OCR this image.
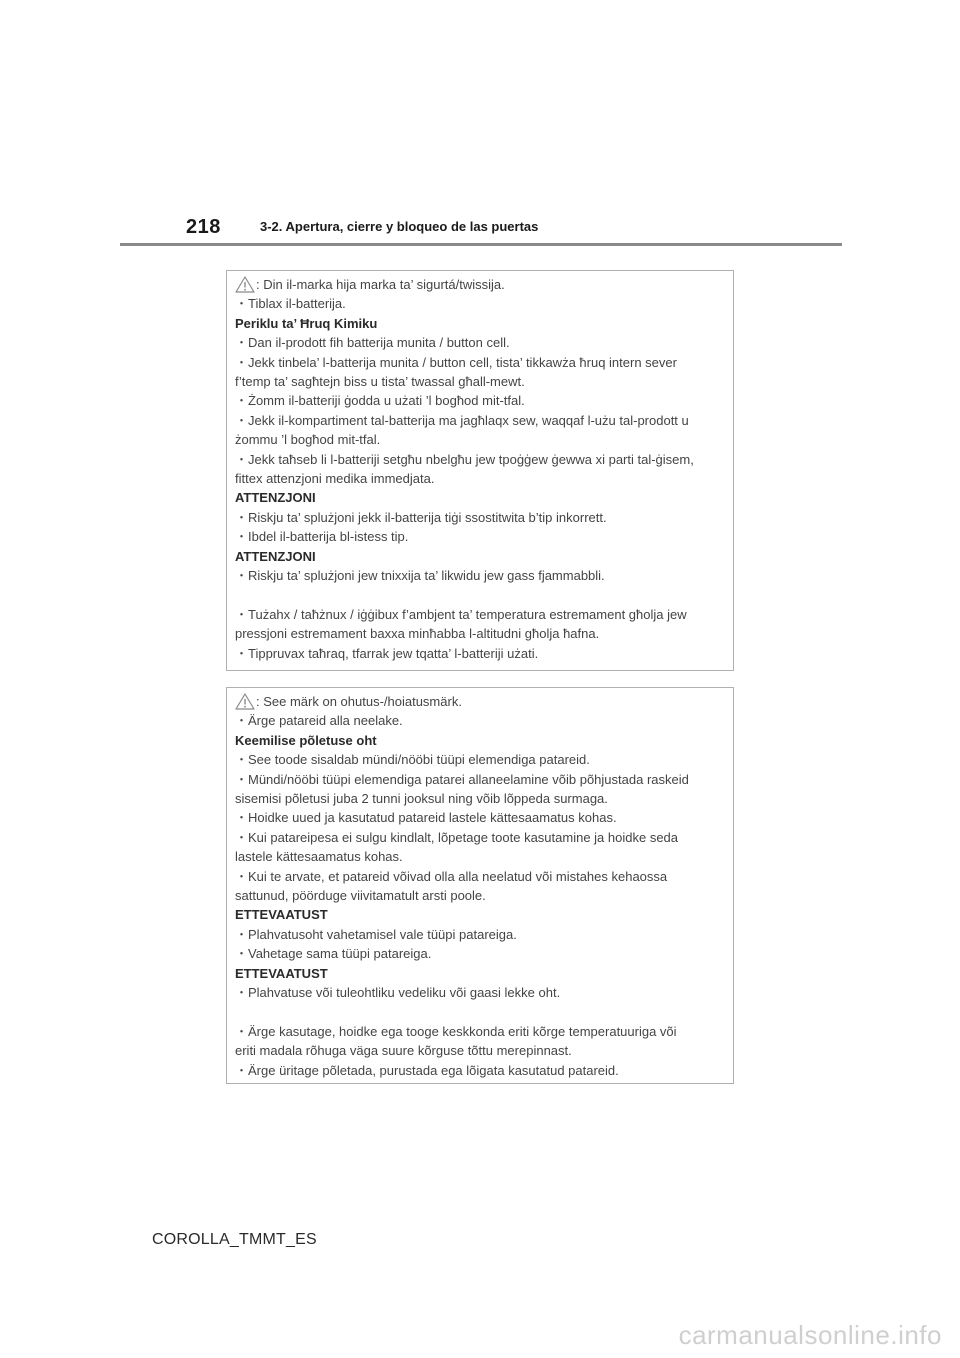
218	3-2. Apertura, cierre y bloqueo de las puertas
: Din il-marka hija marka ta’ sigurtá/twissija.
・Tiblax il-batterija.
Periklu ta’ Ħruq Kimiku
・Dan il-prodott fih batterija munita / button cell.
・Jekk tinbela’ l-batterija munita / button cell, tista’ tikkawża ħruq intern sever
f’temp ta’ sagħtejn biss u tista’ twassal għall-mewt.
・Żomm il-batteriji ġodda u użati ’l bogħod mit-tfal.
・Jekk il-kompartiment tal-batterija ma jagħlaqx sew, waqqaf l-użu tal-prodott u
żommu ’l bogħod mit-tfal.
・Jekk taħseb li l-batteriji setgħu nbelgħu jew tpoġġew ġewwa xi parti tal-ġisem,
fittex attenzjoni medika immedjata.
ATTENZJONI
・Riskju ta’ splużjoni jekk il-batterija tiġi ssostitwita b’tip inkorrett.
・Ibdel il-batterija bl-istess tip.
ATTENZJONI
・Riskju ta’ splużjoni jew tnixxija ta’ likwidu jew gass fjammabbli.
・Tużahx / taħżnux / iġġibux f’ambjent ta’ temperatura estremament għolja jew
pressjoni estremament baxxa minħabba l-altitudni għolja ħafna.
・Tippruvax taħraq, tfarrak jew tqatta’ l-batteriji użati.
: See märk on ohutus-/hoiatusmärk.
・Ärge patareid alla neelake.
Keemilise põletuse oht
・See toode sisaldab mündi/nööbi tüüpi elemendiga patareid.
・Mündi/nööbi tüüpi elemendiga patarei allaneelamine võib põhjustada raskeid
sisemisi põletusi juba 2 tunni jooksul ning võib lõppeda surmaga.
・Hoidke uued ja kasutatud patareid lastele kättesaamatus kohas.
・Kui patareipesa ei sulgu kindlalt, lõpetage toote kasutamine ja hoidke seda
lastele kättesaamatus kohas.
・Kui te arvate, et patareid võivad olla alla neelatud või mistahes kehaossa
sattunud, pöörduge viivitamatult arsti poole.
ETTEVAATUST
・Plahvatusoht vahetamisel vale tüüpi patareiga.
・Vahetage sama tüüpi patareiga.
ETTEVAATUST
・Plahvatuse või tuleohtliku vedeliku või gaasi lekke oht.
・Ärge kasutage, hoidke ega tooge keskkonda eriti kõrge temperatuuriga või
eriti madala rõhuga väga suure kõrguse tõttu merepinnast.
・Ärge üritage põletada, purustada ega lõigata kasutatud patareid.
COROLLA_TMMT_ES
carmanualsonline.info
